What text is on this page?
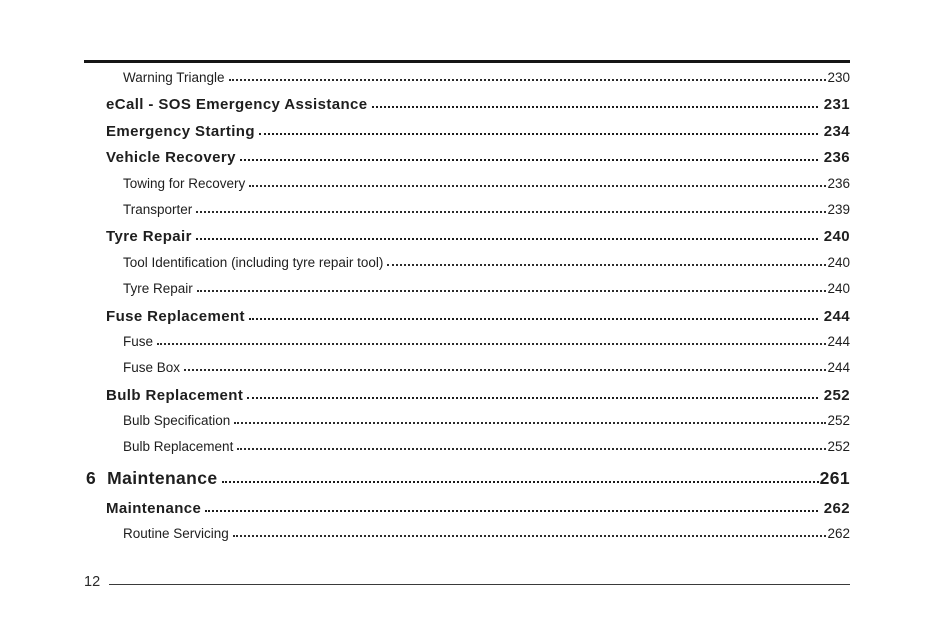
Warning Triangle	230
eCall - SOS Emergency Assistance	231
Emergency Starting	234
Vehicle Recovery	236
Towing for Recovery	236
Transporter	239
Tyre Repair	240
Tool Identification (including tyre repair tool)	240
Tyre Repair	240
Fuse Replacement	244
Fuse	244
Fuse Box	244
Bulb Replacement	252
Bulb Specification	252
Bulb Replacement	252
6 Maintenance	261
Maintenance	262
Routine Servicing	262
12
